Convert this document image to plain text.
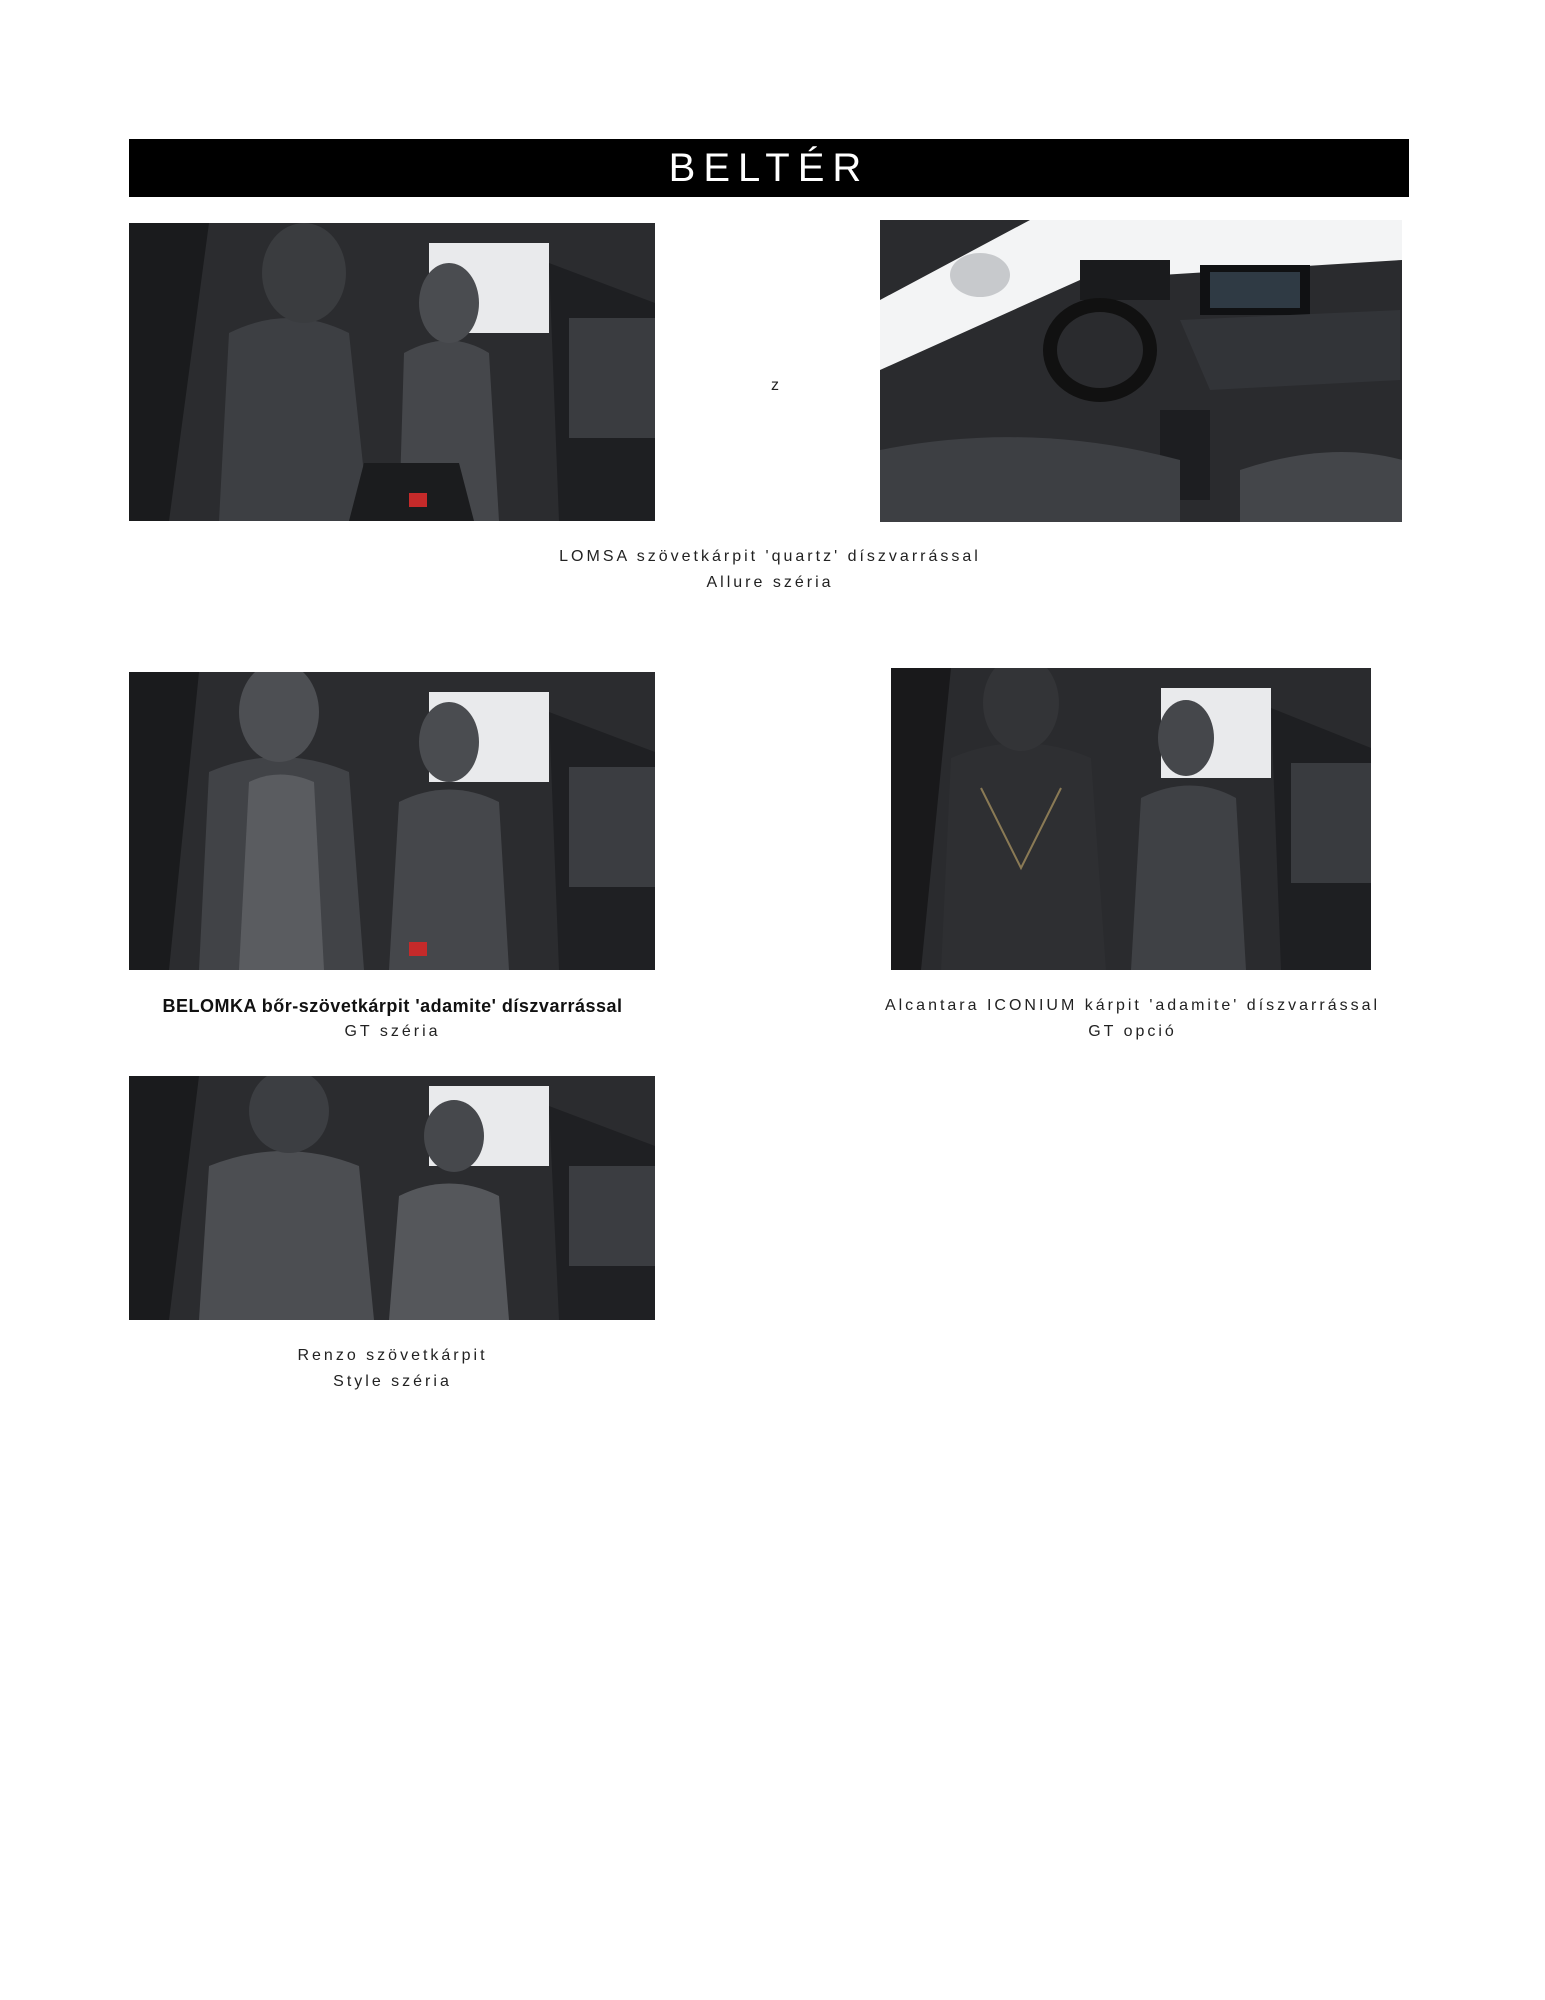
BELTÉR
z
LOMSA szövetkárpit 'quartz' díszvarrással
Allure széria
BELOMKA bőr-szövetkárpit 'adamite' díszvarrással
GT széria
Alcantara ICONIUM kárpit 'adamite' díszvarrással
GT opció
Renzo szövetkárpit
Style széria
